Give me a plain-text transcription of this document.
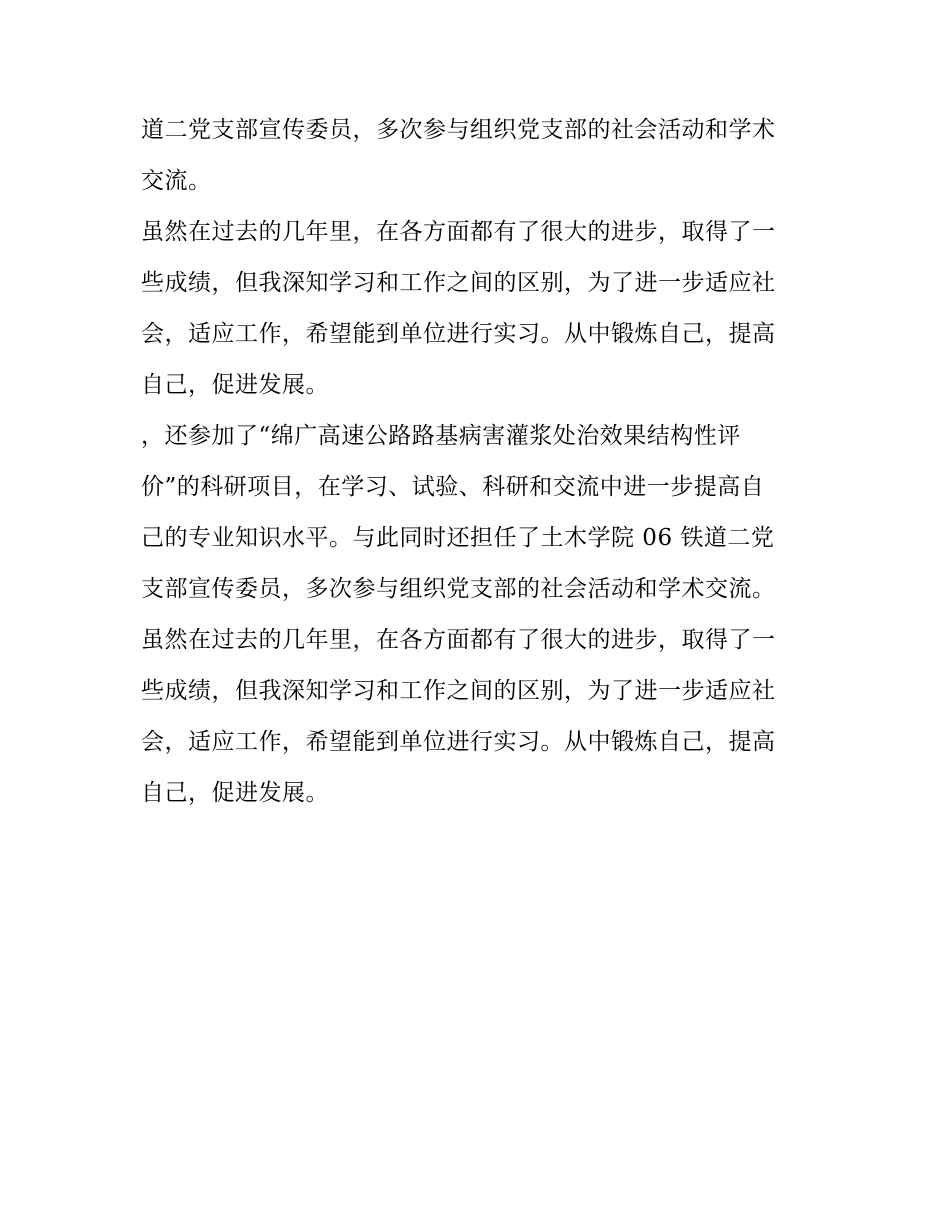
道二党支部宣传委员，多次参与组织党支部的社会活动和学术
交流。
虽然在过去的几年里，在各方面都有了很大的进步，取得了一
些成绩，但我深知学习和工作之间的区别，为了进一步适应社
会，适应工作，希望能到单位进行实习。从中锻炼自己，提高
自己，促进发展。
，还参加了“绵广高速公路路基病害灌浆处治效果结构性评
价”的科研项目，在学习、试验、科研和交流中进一步提高自
己的专业知识水平。与此同时还担任了土木学院 06 铁道二党
支部宣传委员，多次参与组织党支部的社会活动和学术交流。
虽然在过去的几年里，在各方面都有了很大的进步，取得了一
些成绩，但我深知学习和工作之间的区别，为了进一步适应社
会，适应工作，希望能到单位进行实习。从中锻炼自己，提高
自己，促进发展。
